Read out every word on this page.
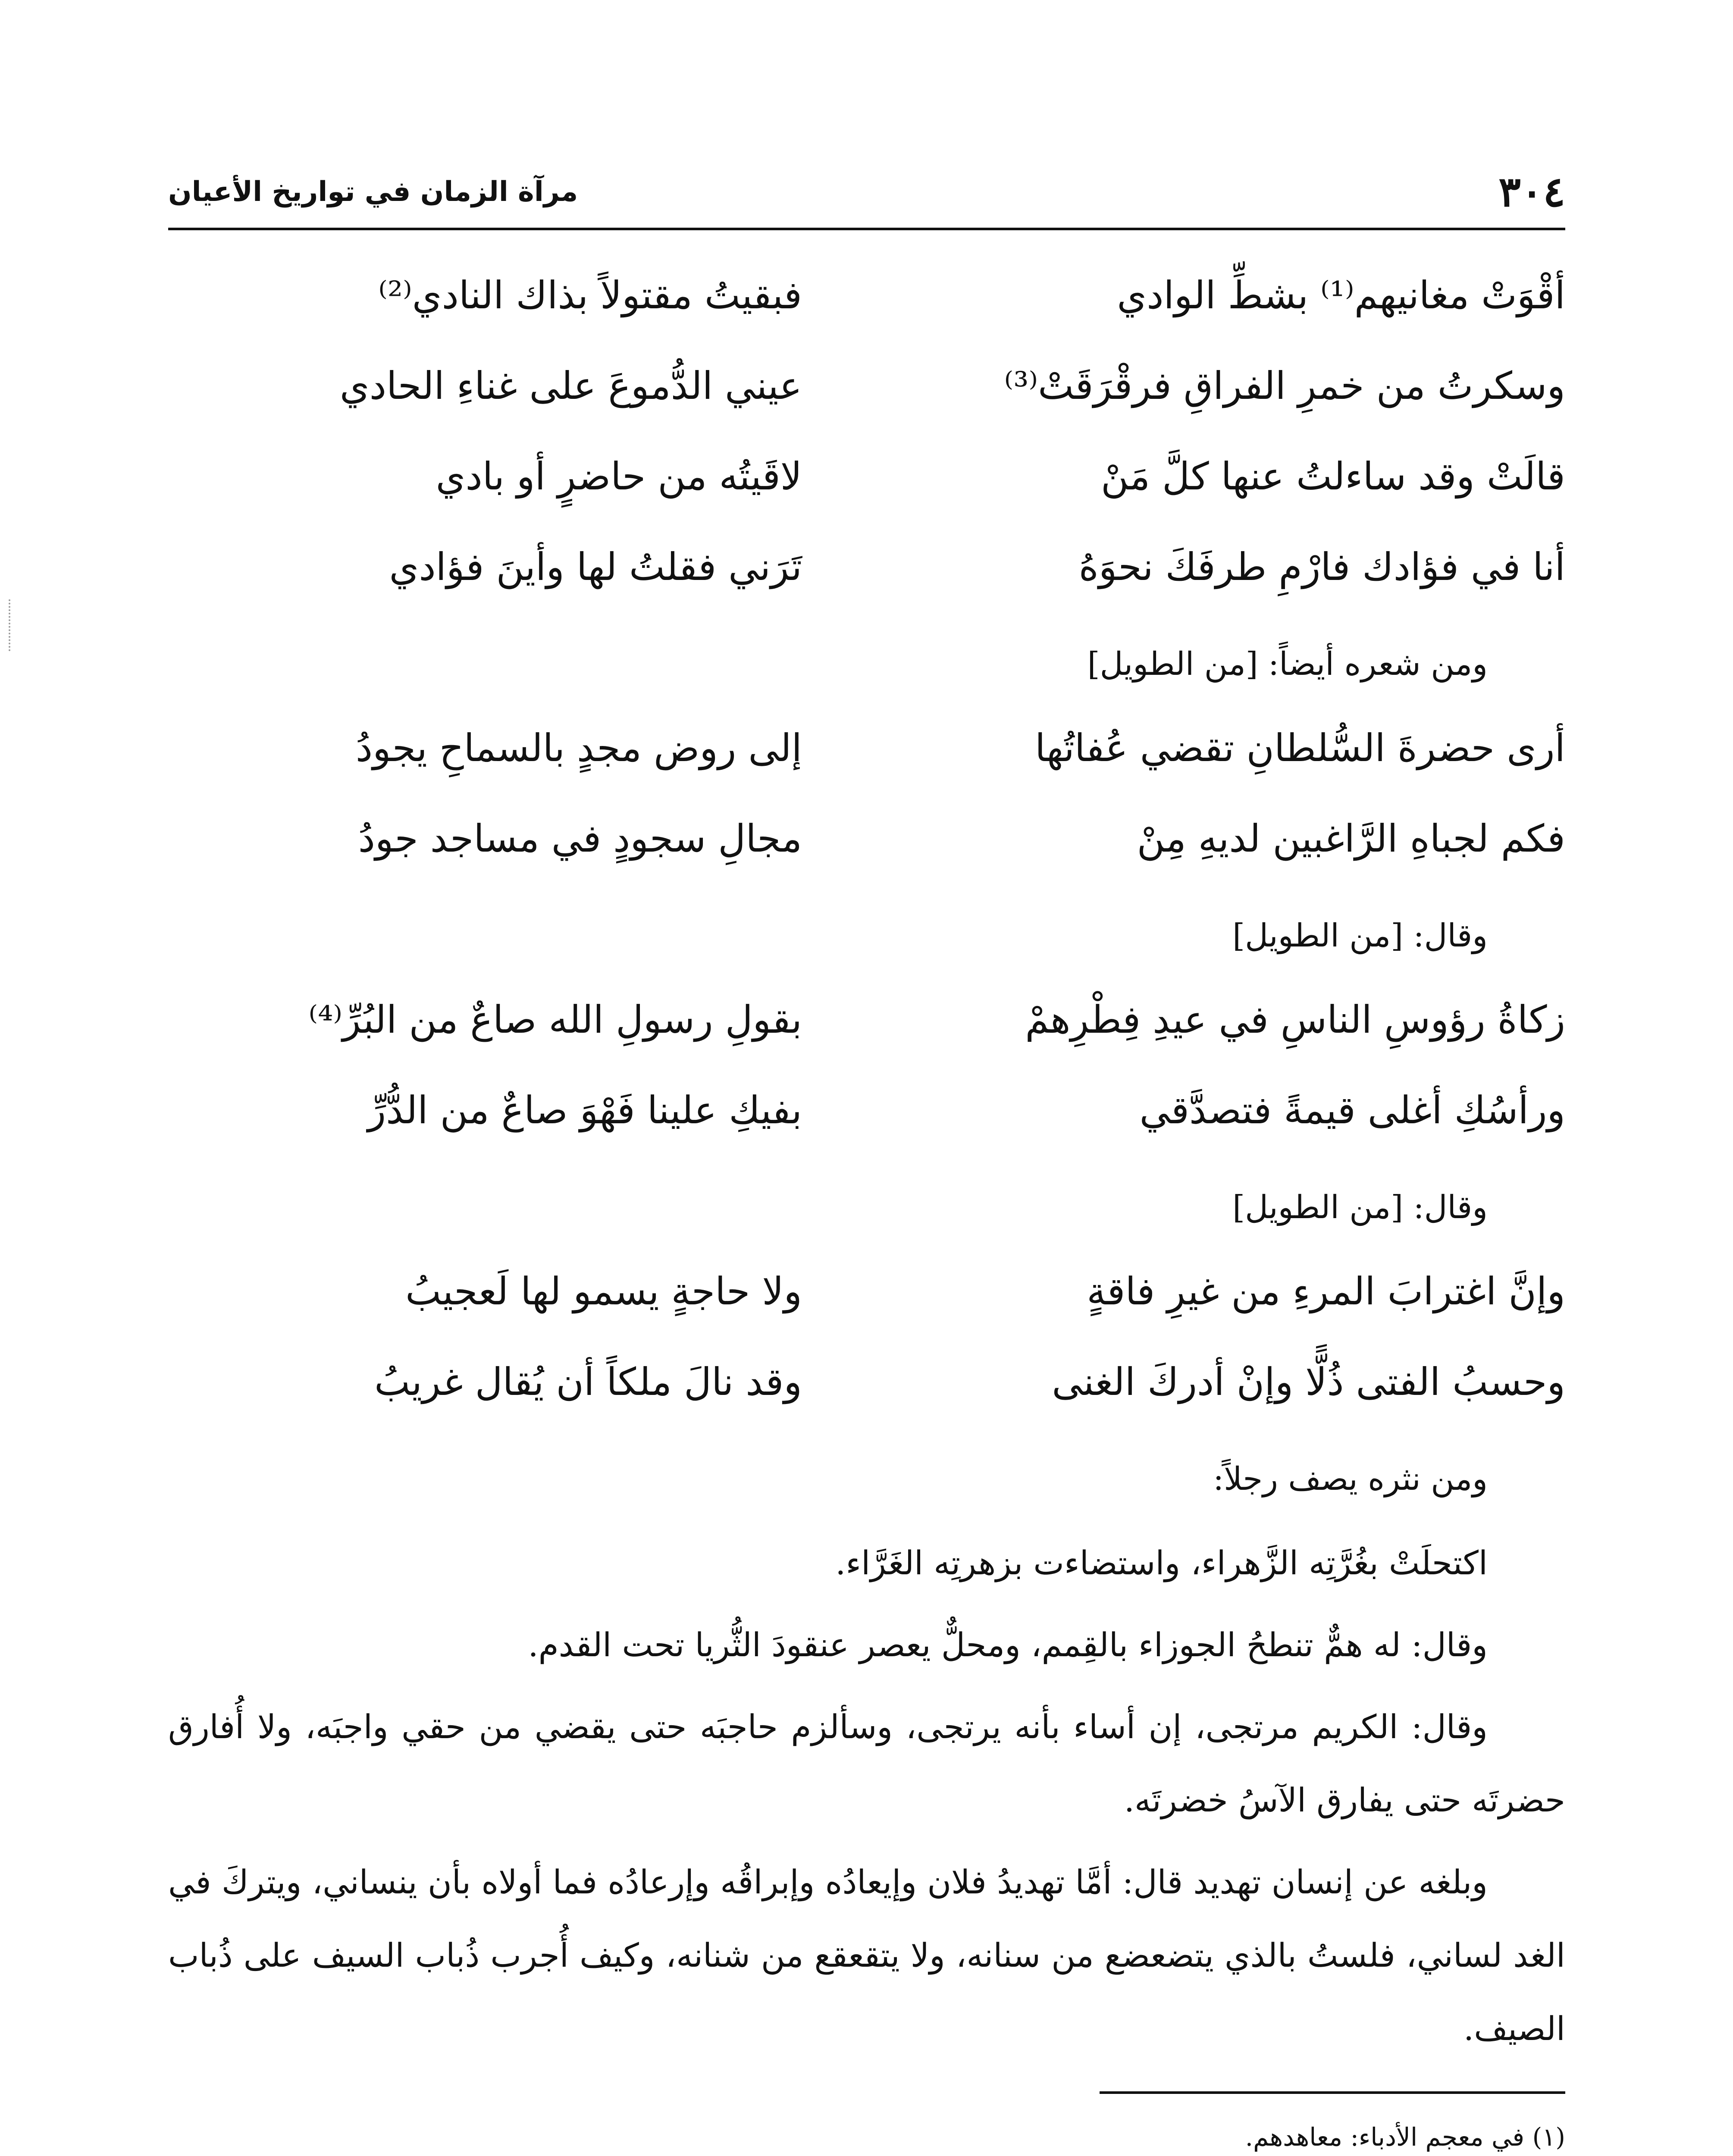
٣٠٤
مرآة الزمان في تواريخ الأعيان
أقْوَتْ مغانيهم⁽¹⁾ بشطِّ الوادي
فبقيتُ مقتولاً بذاك النادي⁽²⁾
وسكرتُ من خمرِ الفراقِ فرقْرَقَتْ⁽³⁾
عيني الدُّموعَ على غناءِ الحادي
قالَتْ وقد ساءلتُ عنها كلَّ مَنْ
لاقَيتُه من حاضرٍ أو بادي
أنا في فؤادك فارْمِ طرفَكَ نحوَهُ
تَرَني فقلتُ لها وأينَ فؤادي
ومن شعره أيضاً: [من الطويل]
أرى حضرةَ السُّلطانِ تقضي عُفاتُها
إلى روض مجدٍ بالسماحِ يجودُ
فكم لجباهِ الرَّاغبين لديهِ مِنْ
مجالِ سجودٍ في مساجد جودُ
وقال: [من الطويل]
زكاةُ رؤوسِ الناسِ في عيدِ فِطْرِهمْ
بقولِ رسولِ الله صاعٌ من البُرِّ⁽⁴⁾
ورأسُكِ أغلى قيمةً فتصدَّقي
بفيكِ علينا فَهْوَ صاعٌ من الدُّرِّ
وقال: [من الطويل]
وإنَّ اغترابَ المرءِ من غيرِ فاقةٍ
ولا حاجةٍ يسمو لها لَعجيبُ
وحسبُ الفتى ذُلًّا وإنْ أدركَ الغنى
وقد نالَ ملكاً أن يُقال غريبُ
ومن نثره يصف رجلاً:

اكتحلَتْ بغُرَّتِه الزَّهراء، واستضاءت بزهرتِه الغَرَّاء.

وقال: له همٌّ تنطحُ الجوزاء بالقِمم، ومحلٌّ يعصر عنقودَ الثُّريا تحت القدم.

وقال: الكريم مرتجى، إن أساء بأنه يرتجى، وسألزم حاجبَه حتى يقضي من حقي واجبَه، ولا أُفارق حضرتَه حتى يفارق الآسُ خضرتَه.

وبلغه عن إنسان تهديد قال: أمَّا تهديدُ فلان وإيعادُه وإبراقُه وإرعادُه فما أولاه بأن ينساني، ويتركَ في الغد لساني، فلستُ بالذي يتضعضع من سنانه، ولا يتقعقع من شنانه، وكيف أُجرب ذُباب السيف على ذُباب الصيف.

(١) في معجم الأدباء: معاهدهم.
